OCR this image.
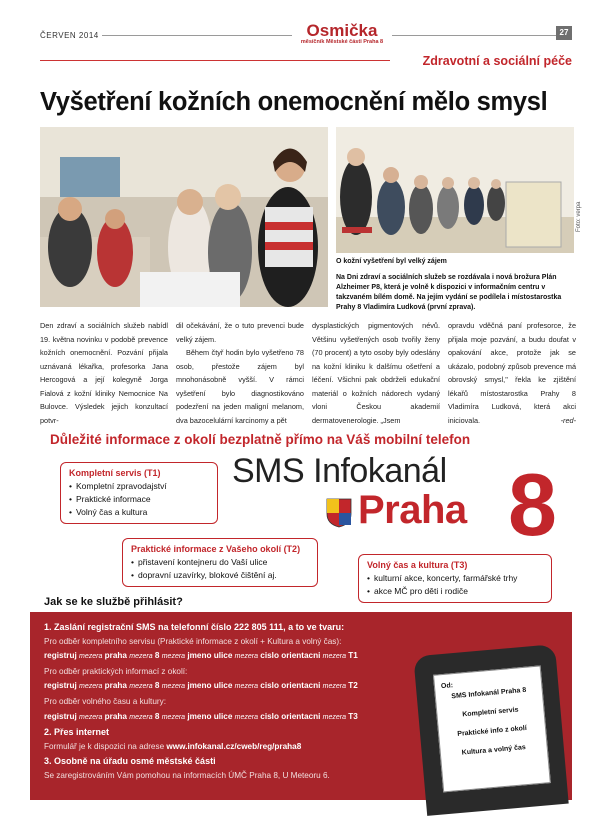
ČERVEN 2014	Osmička
měsíčník Městské části Praha 8
27
Zdravotní a sociální péče
Vyšetření kožních onemocnění mělo smysl
Foto: verpa
O kožní vyšetření byl velký zájem
Na Dni zdraví a sociálních služeb se rozdávala i nová brožura Plán Alzheimer P8, která je volně k dispozici v informačním centru v takzvaném bílém domě. Na jejím vydání se podílela i místostarostka Prahy 8 Vladimíra Ludková (první zprava).

Den zdraví a sociálních služeb nabídl 19. května novinku v podobě prevence kožních onemocnění. Pozvání přijala uznávaná lékařka, profesorka Jana Hercogová a její kolegyně Jorga Fialová z kožní kliniky Nemocnice Na Bulovce. Výsledek jejich konzultací potvr-

dil očekávání, že o tuto prevenci bude velký zájem.

Během čtyř hodin bylo vyšetřeno 78 osob, přestože zájem byl mnohonásobně vyšší. V rámci vyšetření bylo diagnostikováno podezření na jeden maligní melanom, dva bazocelulární karcinomy a pět

dysplastických pigmentových névů. Většinu vyšetřených osob tvořily ženy (70 procent) a tyto osoby byly odeslány na kožní kliniku k dalšímu ošetření a léčení. Všichni pak obdrželi edukační materiál o kožních nádorech vydaný vloni Českou akademií dermatovenerologie. „Jsem

opravdu vděčná paní profesorce, že přijala moje pozvání, a budu doufat v opakování akce, protože jak se ukázalo, podobný způsob prevence má obrovský smysl," řekla ke zjištění lékařů místostarostka Prahy 8 Vladimíra Ludková, která akci iniciovala.	-red-

Důležité informace z okolí bezplatně přímo na Váš mobilní telefon
SMS Infokanál
Praha 8
Kompletní servis (T1)
• Kompletní zpravodajství
• Praktické informace
• Volný čas a kultura
Praktické informace z Vašeho okolí (T2)
• přistavení kontejneru do Vaší ulice
• dopravní uzavírky, blokové čištění aj.
Volný čas a kultura (T3)
• kulturní akce, koncerty, farmářské trhy
• akce MČ pro děti i rodiče
Jak se ke službě přihlásit?
1. Zaslání registrační SMS na telefonní číslo 222 805 111, a to ve tvaru:
Pro odběr kompletního servisu (Praktické informace z okolí + Kultura a volný čas):
registruj mezera praha mezera 8 mezera jmeno ulice mezera cislo orientacni mezera T1
Pro odběr praktických informací z okolí:
registruj mezera praha mezera 8 mezera jmeno ulice mezera cislo orientacni mezera T2
Pro odběr volného času a kultury:
registruj mezera praha mezera 8 mezera jmeno ulice mezera cislo orientacni mezera T3
2. Přes internet
Formulář je k dispozici na adrese www.infokanal.cz/cweb/reg/praha8
3. Osobně na úřadu osmé městské části
Se zaregistrováním Vám pomohou na informacích ÚMČ Praha 8, U Meteoru 6.
Od:
SMS Infokanál Praha 8
Kompletní servis
Praktické info z okolí
Kultura a volný čas
